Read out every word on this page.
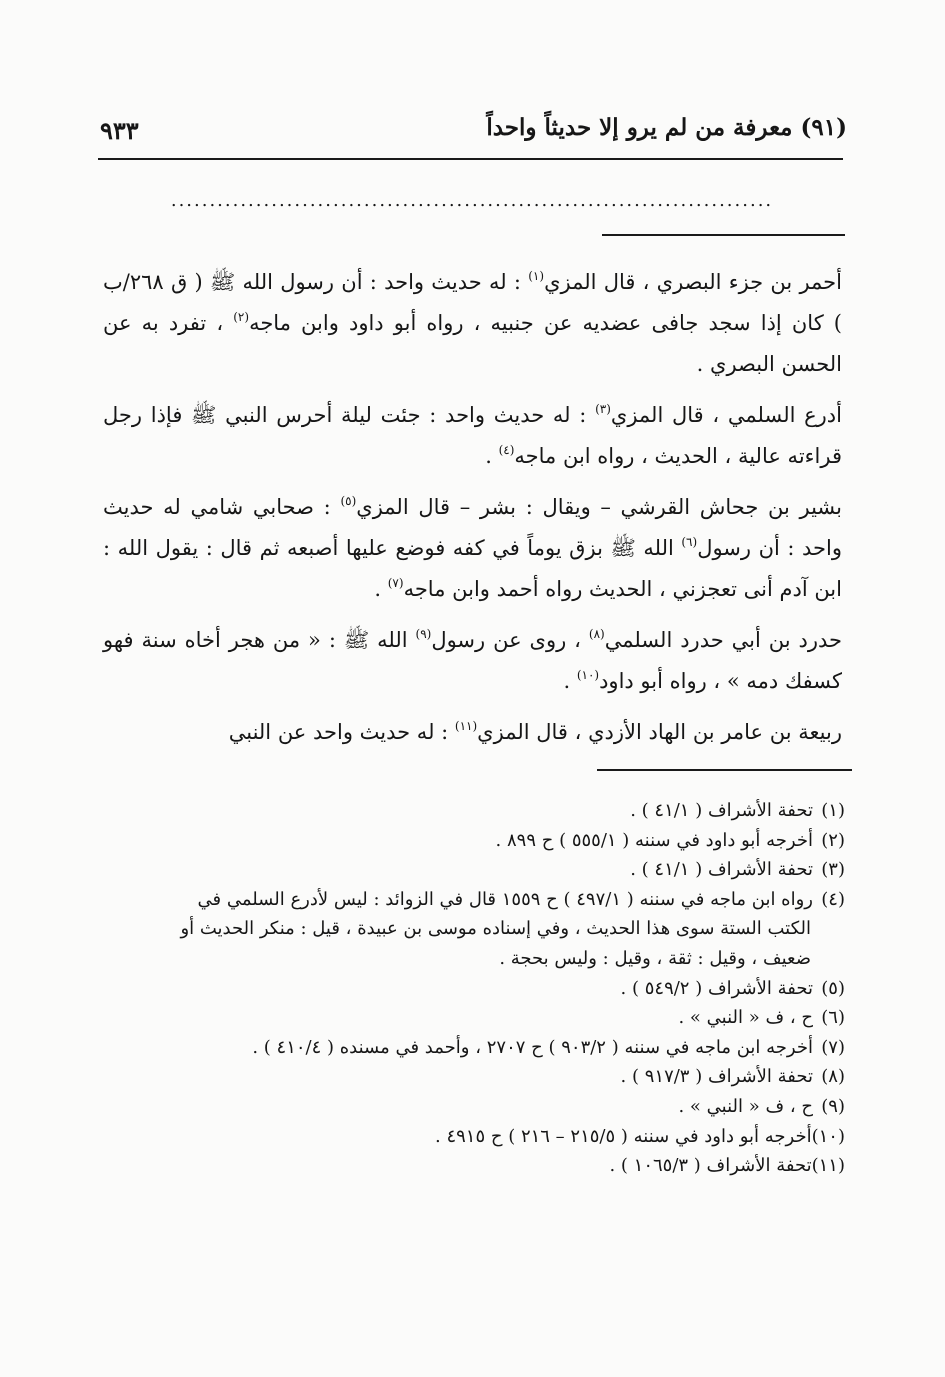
(٩١) معرفة من لم يرو إلا حديثاً واحداً
٩٣٣
..............................................................................

أحمر بن جزء البصري ، قال المزي$^{(١)}$ : له حديث واحد : أن رسول الله ﷺ ( ق ٢٦٨/ب ) كان إذا سجد جافى عضديه عن جنبيه ، رواه أبو داود وابن ماجه$^{(٢)}$ ، تفرد به عن الحسن البصري .

أدرع السلمي ، قال المزي$^{(٣)}$ : له حديث واحد : جئت ليلة أحرس النبي ﷺ فإذا رجل قراءته عالية ، الحديث ، رواه ابن ماجه$^{(٤)}$ .

بشير بن جحاش القرشي – ويقال : بشر – قال المزي$^{(٥)}$ : صحابي شامي له حديث واحد : أن رسول$^{(٦)}$ الله ﷺ بزق يوماً في كفه فوضع عليها أصبعه ثم قال : يقول الله : ابن آدم أنى تعجزني ، الحديث رواه أحمد وابن ماجه$^{(٧)}$ .

حدرد بن أبي حدرد السلمي$^{(٨)}$ ، روى عن رسول$^{(٩)}$ الله ﷺ : « من هجر أخاه سنة فهو كسفك دمه » ، رواه أبو داود$^{(١٠)}$ .

ربيعة بن عامر بن الهاد الأزدي ، قال المزي$^{(١١)}$ : له حديث واحد عن النبي

(١)تحفة الأشراف ( ٤١/١ ) .
(٢)أخرجه أبو داود في سننه ( ٥٥٥/١ ) ح ٨٩٩ .
(٣)تحفة الأشراف ( ٤١/١ ) .
(٤)رواه ابن ماجه في سننه ( ٤٩٧/١ ) ح ١٥٥٩ قال في الزوائد : ليس لأدرع السلمي في
الكتب الستة سوى هذا الحديث ، وفي إسناده موسى بن عبيدة ، قيل : منكر الحديث أو
ضعيف ، وقيل : ثقة ، وقيل : وليس بحجة .
(٥)تحفة الأشراف ( ٥٤٩/٢ ) .
(٦)ح ، ف « النبي » .
(٧)أخرجه ابن ماجه في سننه ( ٩٠٣/٢ ) ح ٢٧٠٧ ، وأحمد في مسنده ( ٤١٠/٤ ) .
(٨)تحفة الأشراف ( ٩١٧/٣ ) .
(٩)ح ، ف « النبي » .
(١٠)أخرجه أبو داود في سننه ( ٢١٥/٥ – ٢١٦ ) ح ٤٩١٥ .
(١١)تحفة الأشراف ( ١٠٦٥/٣ ) .
